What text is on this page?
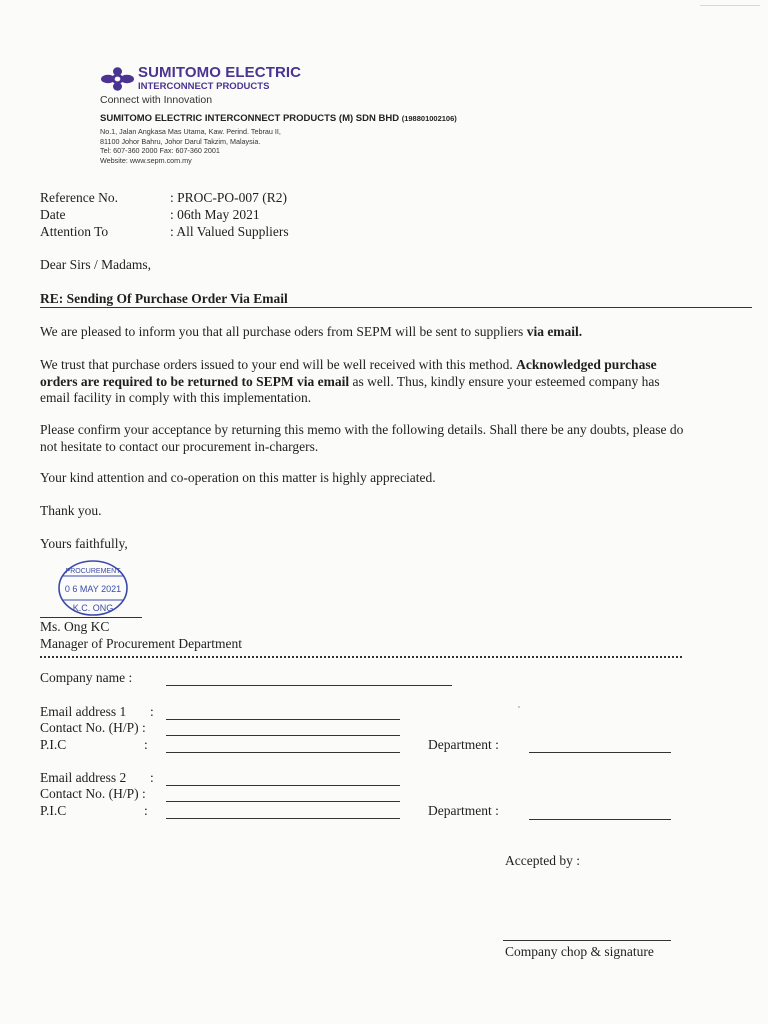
SUMITOMO ELECTRIC
INTERCONNECT PRODUCTS
Connect with Innovation
SUMITOMO ELECTRIC INTERCONNECT PRODUCTS (M) SDN BHD (198801002106)
No.1, Jalan Angkasa Mas Utama, Kaw. Perind. Tebrau II,
81100 Johor Bahru, Johor Darul Takzim, Malaysia.
Tel: 607-360 2000 Fax: 607-360 2001
Website: www.sepm.com.my
Reference No.	: PROC-PO-007 (R2)
Date	: 06th May 2021
Attention To	: All Valued Suppliers
Dear Sirs / Madams,
RE: Sending Of Purchase Order Via Email
We are pleased to inform you that all purchase oders from SEPM will be sent to suppliers via email.
We trust that purchase orders issued to your end will be well received with this method. Acknowledged purchase orders are required to be returned to SEPM via email as well. Thus, kindly ensure your esteemed company has email facility in comply with this implementation.
Please confirm your acceptance by returning this memo with the following details. Shall there be any doubts, please do not hesitate to contact our procurement in-chargers.
Your kind attention and co-operation on this matter is highly appreciated.
Thank you.
Yours faithfully,
PROCUREMENT
0 6 MAY 2021
K.C. ONG
Ms. Ong KC
Manager of Procurement Department
Company name :
Email address 1 :
Contact No. (H/P) :
P.I.C	:	Department :
Email address 2 :
Contact No. (H/P) :
P.I.C	:	Department :
Accepted by :
Company chop & signature
